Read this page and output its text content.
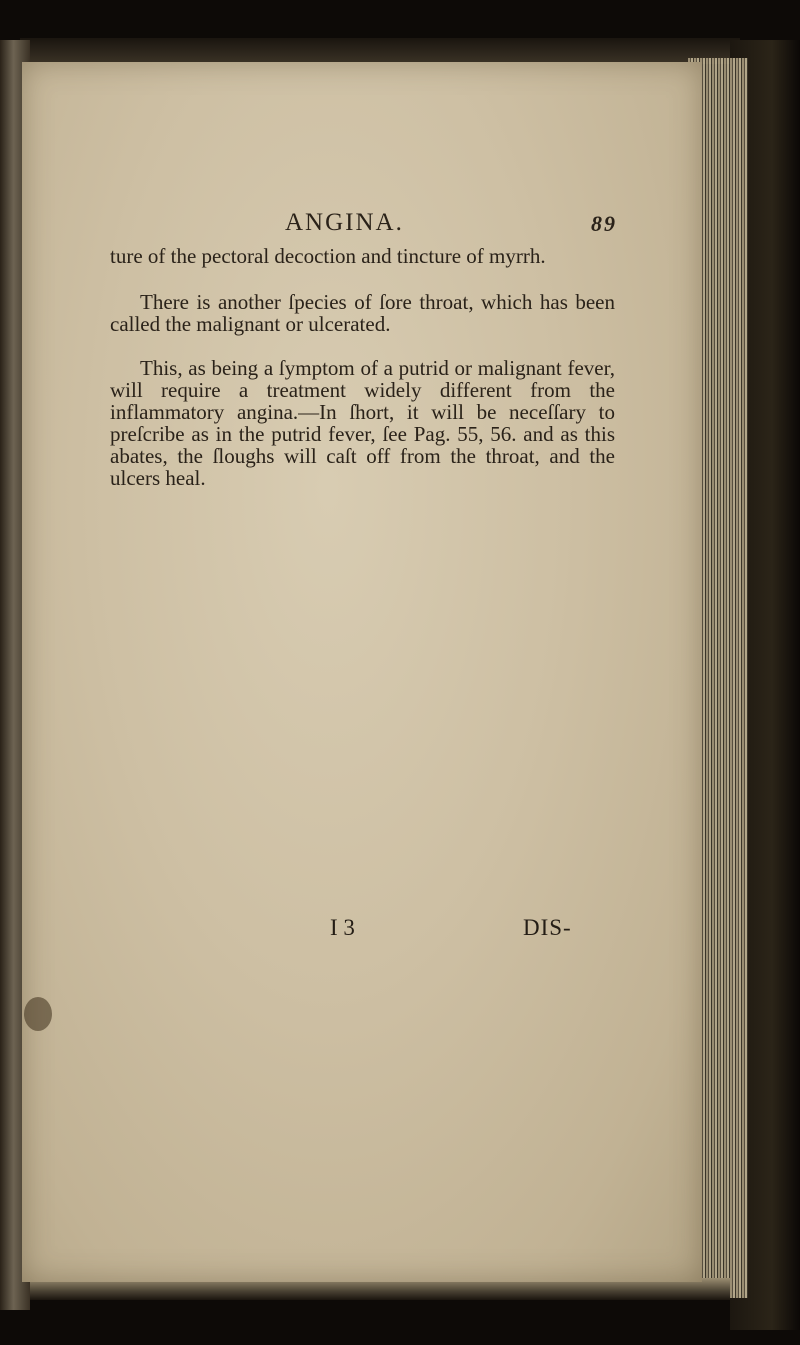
ANGINA.	89

ture of the pectoral decoction and tincture of myrrh.

There is another ſpecies of ſore throat, which has been called the malignant or ulcerated.

This, as being a ſymptom of a putrid or malignant fever, will require a treatment widely different from the inflammatory angina.—In ſhort, it will be neceſſary to preſcribe as in the putrid fever, ſee Pag. 55, 56. and as this abates, the ſloughs will caſt off from the throat, and the ulcers heal.

I 3	DIS-
